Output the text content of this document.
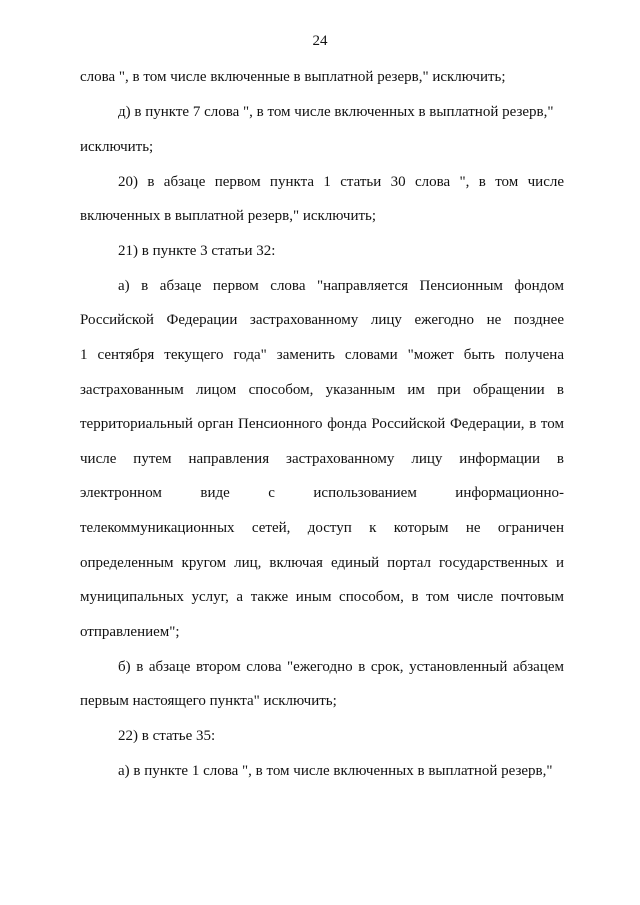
24
слова ", в том числе включенные в выплатной резерв," исключить;
д) в пункте 7 слова ", в том числе включенных в выплатной резерв,"
исключить;
20) в абзаце первом пункта 1 статьи 30 слова ", в том числе
включенных в выплатной резерв," исключить;
21) в пункте 3 статьи 32:
а) в абзаце первом слова "направляется Пенсионным фондом
Российской Федерации застрахованному лицу ежегодно не позднее
1 сентября текущего года" заменить словами "может быть получена
застрахованным лицом способом, указанным им при обращении в
территориальный орган Пенсионного фонда Российской Федерации, в том
числе путем направления застрахованному лицу информации в
электронном виде с использованием информационно-
телекоммуникационных сетей, доступ к которым не ограничен
определенным кругом лиц, включая единый портал государственных и
муниципальных услуг, а также иным способом, в том числе почтовым
отправлением";
б) в абзаце втором слова "ежегодно в срок, установленный абзацем
первым настоящего пункта" исключить;
22) в статье 35:
а) в пункте 1 слова ", в том числе включенных в выплатной резерв,"
